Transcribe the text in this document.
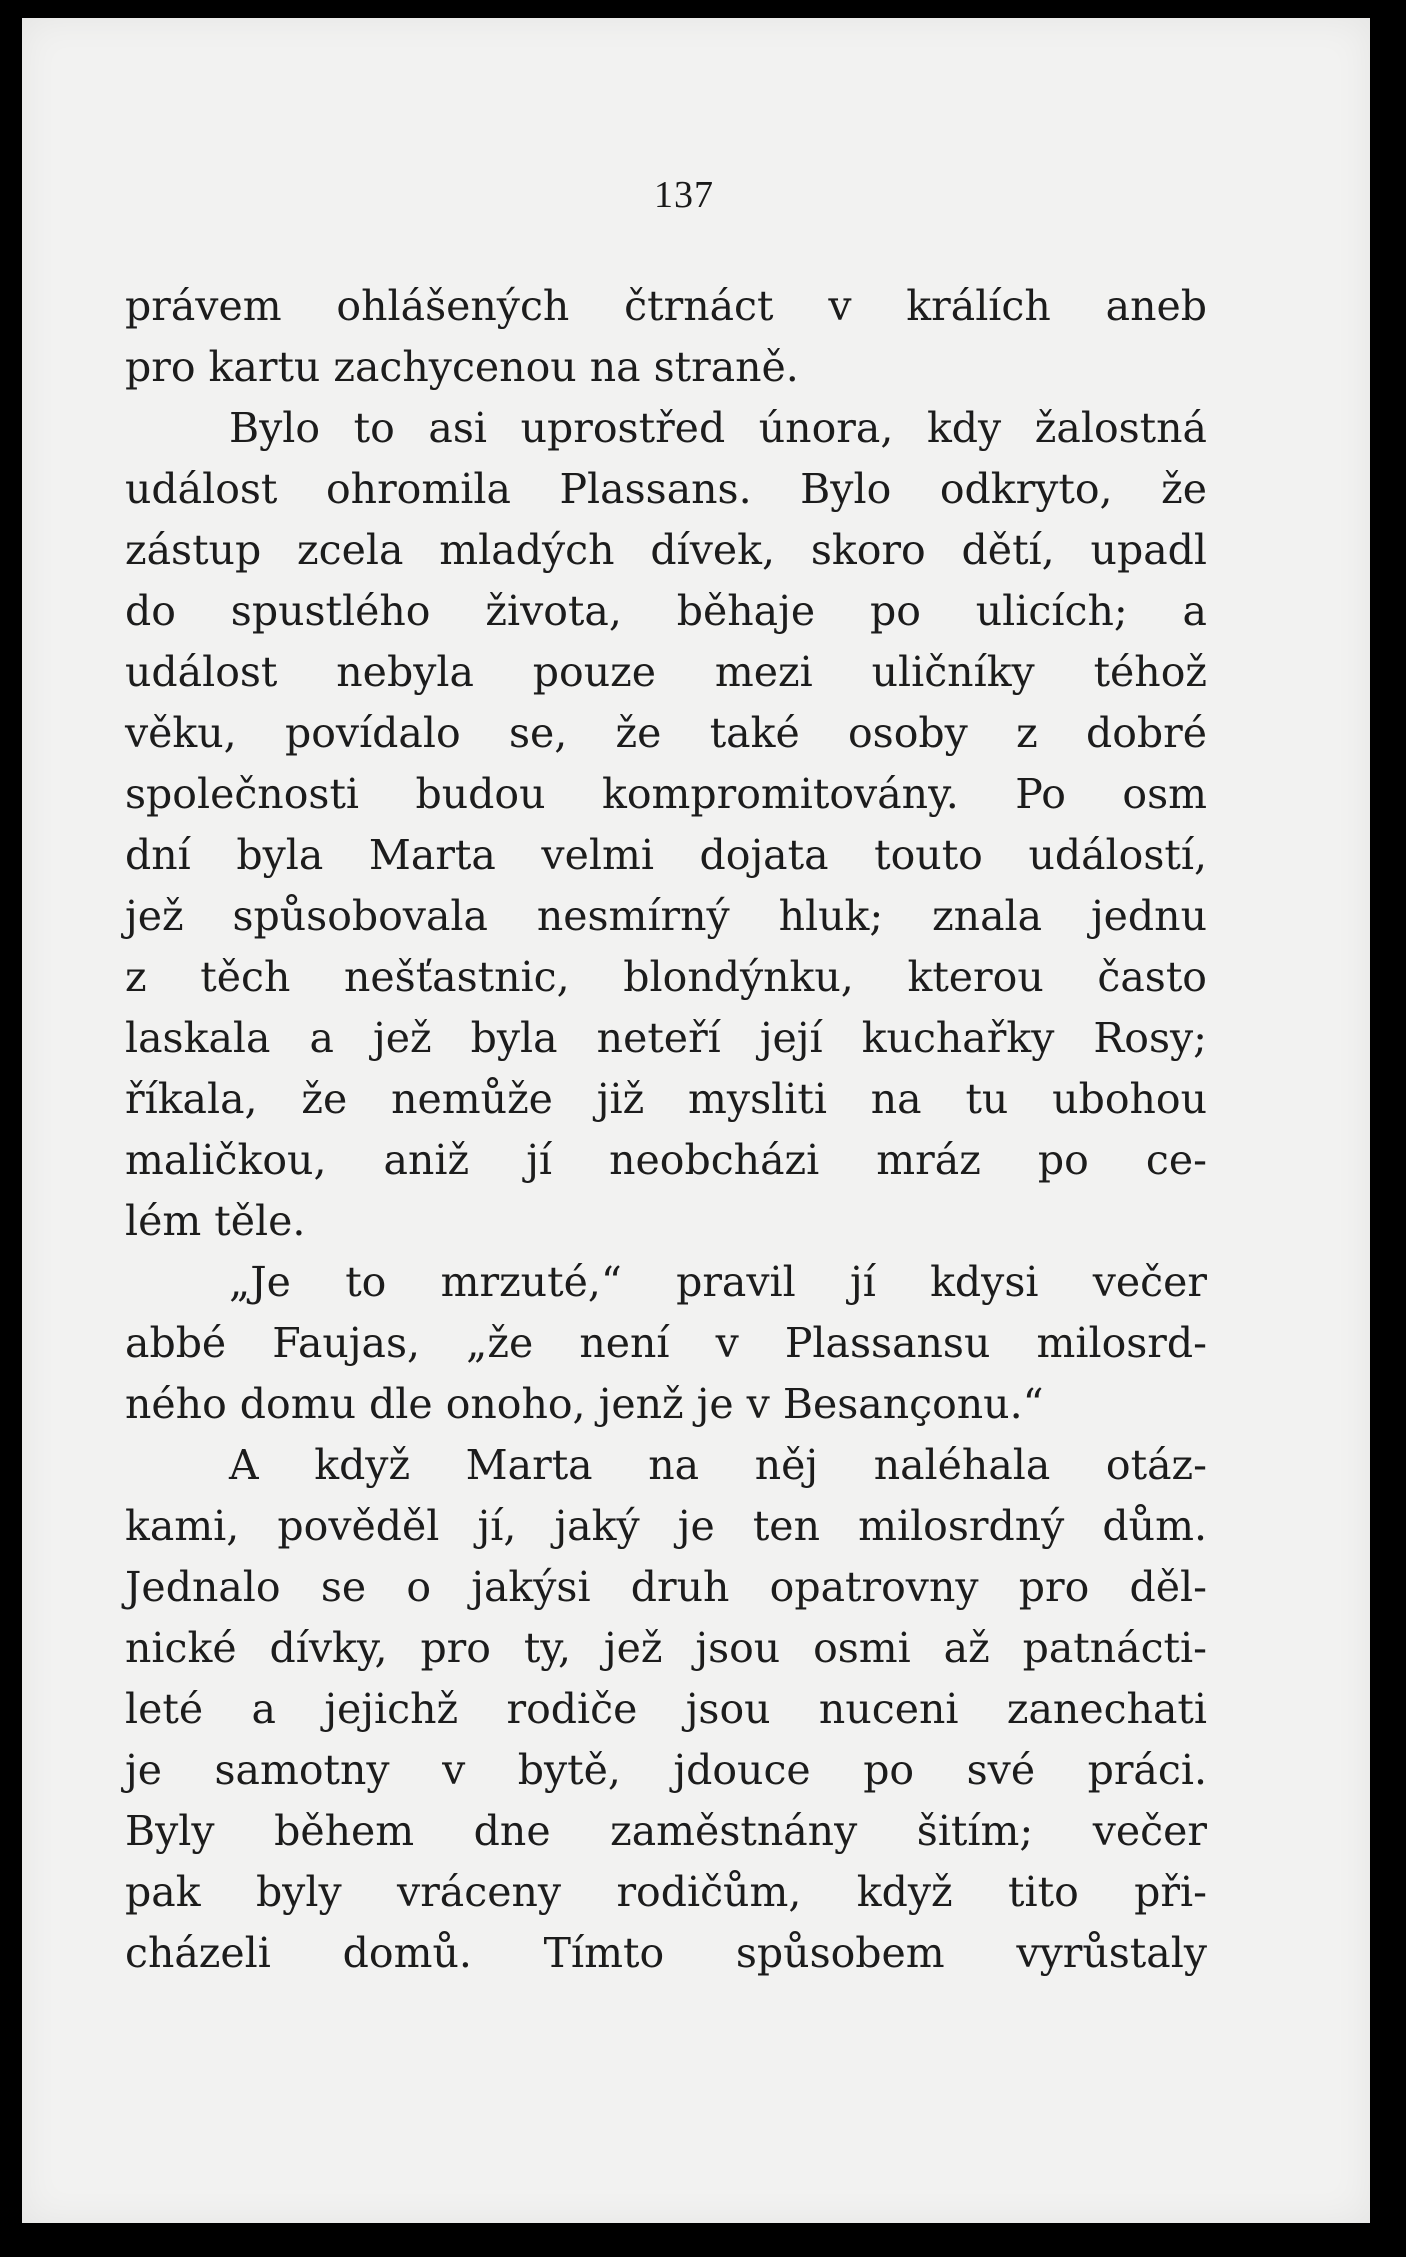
137
právem ohlášených čtrnáct v králích aneb
pro kartu zachycenou na straně.
Bylo to asi uprostřed února, kdy žalostná
událost ohromila Plassans. Bylo odkryto, že
zástup zcela mladých dívek, skoro dětí, upadl
do spustlého života, běhaje po ulicích; a
událost nebyla pouze mezi uličníky téhož
věku, povídalo se, že také osoby z dobré
společnosti budou kompromitovány. Po osm
dní byla Marta velmi dojata touto událostí,
jež spůsobovala nesmírný hluk; znala jednu
z těch nešťastnic, blondýnku, kterou často
laskala a jež byla neteří její kuchařky Rosy;
říkala, že nemůže již mysliti na tu ubohou
maličkou, aniž jí neobcházi mráz po ce-
lém těle.
„Je to mrzuté,“ pravil jí kdysi večer
abbé Faujas, „že není v Plassansu milosrd-
ného domu dle onoho, jenž je v Besançonu.“
A když Marta na něj naléhala otáz-
kami, pověděl jí, jaký je ten milosrdný dům.
Jednalo se o jakýsi druh opatrovny pro děl-
nické dívky, pro ty, jež jsou osmi až patnácti-
leté a jejichž rodiče jsou nuceni zanechati
je samotny v bytě, jdouce po své práci.
Byly během dne zaměstnány šitím; večer
pak byly vráceny rodičům, když tito při-
cházeli domů. Tímto spůsobem vyrůstaly
